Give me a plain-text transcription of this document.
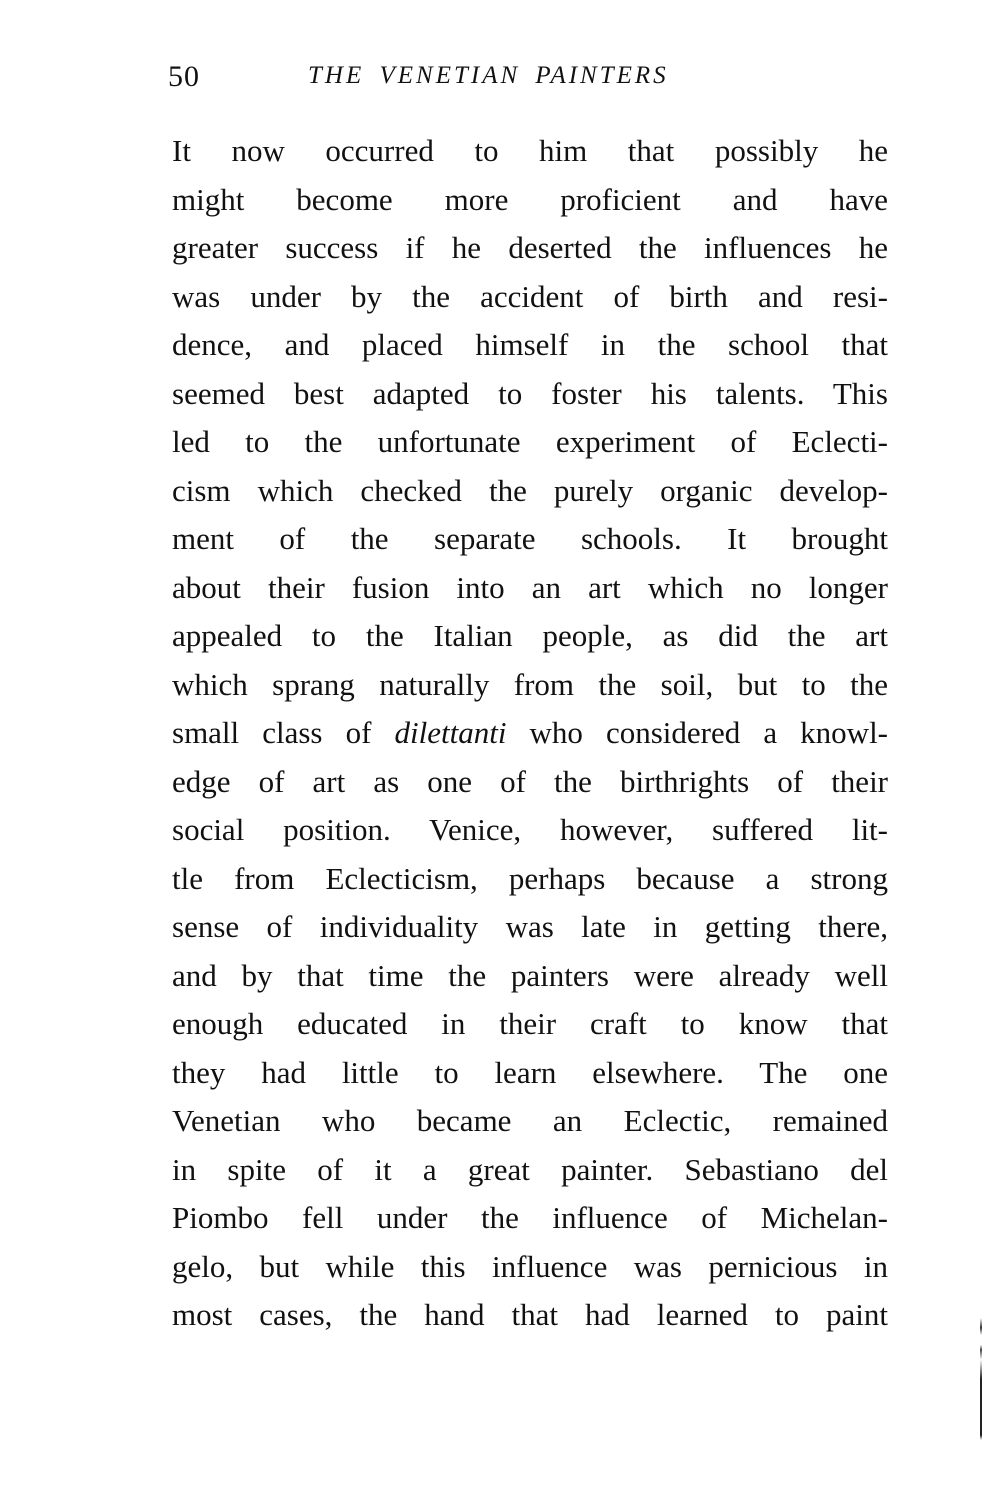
50	THE VENETIAN PAINTERS
It now occurred to him that possibly he
might become more proficient and have
greater success if he deserted the influences he
was under by the accident of birth and resi-
dence, and placed himself in the school that
seemed best adapted to foster his talents. This
led to the unfortunate experiment of Eclecti-
cism which checked the purely organic develop-
ment of the separate schools. It brought
about their fusion into an art which no longer
appealed to the Italian people, as did the art
which sprang naturally from the soil, but to the
small class of dilettanti who considered a knowl-
edge of art as one of the birthrights of their
social position. Venice, however, suffered lit-
tle from Eclecticism, perhaps because a strong
sense of individuality was late in getting there,
and by that time the painters were already well
enough educated in their craft to know that
they had little to learn elsewhere. The one
Venetian who became an Eclectic, remained
in spite of it a great painter. Sebastiano del
Piombo fell under the influence of Michelan-
gelo, but while this influence was pernicious in
most cases, the hand that had learned to paint
